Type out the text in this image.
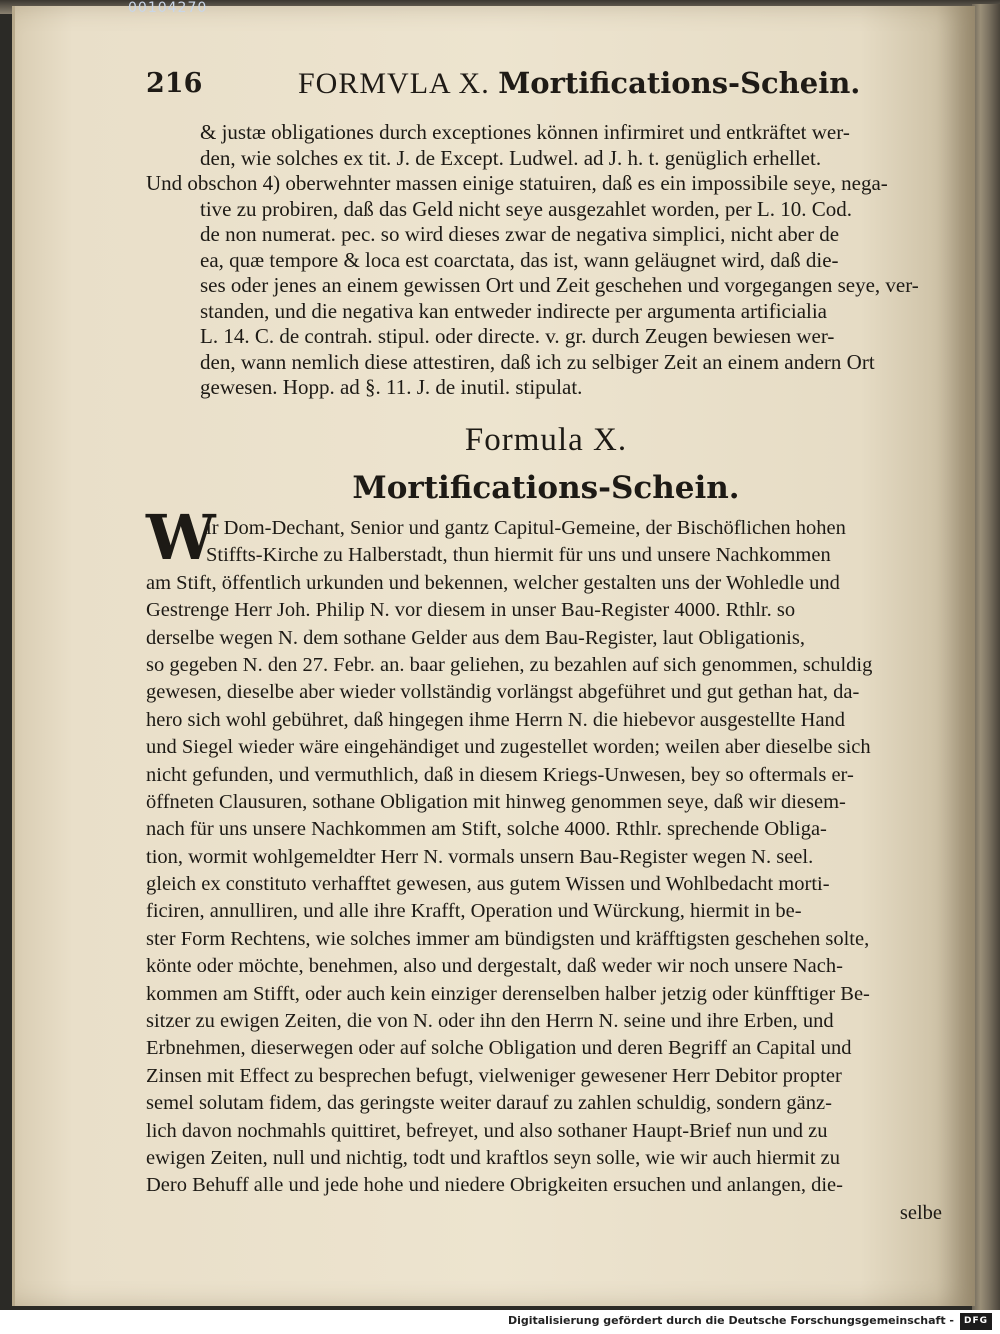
00104270
216	FORMVLA X. Mortifications-Schein.
& justæ obligationes durch exceptiones können infirmiret und entkräftet wer-
den, wie solches ex tit. J. de Except. Ludwel. ad J. h. t. genüglich erhellet.
Und obschon 4) oberwehnter massen einige statuiren, daß es ein impossibile seye, nega-
tive zu probiren, daß das Geld nicht seye ausgezahlet worden, per L. 10. Cod.
de non numerat. pec. so wird dieses zwar de negativa simplici, nicht aber de
ea, quæ tempore & loca est coarctata, das ist, wann geläugnet wird, daß die-
ses oder jenes an einem gewissen Ort und Zeit geschehen und vorgegangen seye, ver-
standen, und die negativa kan entweder indirecte per argumenta artificialia
L. 14. C. de contrah. stipul. oder directe. v. gr. durch Zeugen bewiesen wer-
den, wann nemlich diese attestiren, daß ich zu selbiger Zeit an einem andern Ort
gewesen. Hopp. ad §. 11. J. de inutil. stipulat.
Formula X.
Mortifications-Schein.
W
ir Dom-Dechant, Senior und gantz Capitul-Gemeine, der Bischöflichen hohen
Stiffts-Kirche zu Halberstadt, thun hiermit für uns und unsere Nachkommen
am Stift, öffentlich urkunden und bekennen, welcher gestalten uns der Wohledle und
Gestrenge Herr Joh. Philip N. vor diesem in unser Bau-Register 4000. Rthlr. so
derselbe wegen N. dem sothane Gelder aus dem Bau-Register, laut Obligationis,
so gegeben N. den 27. Febr. an. baar geliehen, zu bezahlen auf sich genommen, schuldig
gewesen, dieselbe aber wieder vollständig vorlängst abgeführet und gut gethan hat, da-
hero sich wohl gebühret, daß hingegen ihme Herrn N. die hiebevor ausgestellte Hand
und Siegel wieder wäre eingehändiget und zugestellet worden; weilen aber dieselbe sich
nicht gefunden, und vermuthlich, daß in diesem Kriegs-Unwesen, bey so oftermals er-
öffneten Clausuren, sothane Obligation mit hinweg genommen seye, daß wir diesem-
nach für uns unsere Nachkommen am Stift, solche 4000. Rthlr. sprechende Obliga-
tion, wormit wohlgemeldter Herr N. vormals unsern Bau-Register wegen N. seel.
gleich ex constituto verhafftet gewesen, aus gutem Wissen und Wohlbedacht morti-
ficiren, annulliren, und alle ihre Krafft, Operation und Würckung, hiermit in be-
ster Form Rechtens, wie solches immer am bündigsten und kräfftigsten geschehen solte,
könte oder möchte, benehmen, also und dergestalt, daß weder wir noch unsere Nach-
kommen am Stifft, oder auch kein einziger derenselben halber jetzig oder künfftiger Be-
sitzer zu ewigen Zeiten, die von N. oder ihn den Herrn N. seine und ihre Erben, und
Erbnehmen, dieserwegen oder auf solche Obligation und deren Begriff an Capital und
Zinsen mit Effect zu besprechen befugt, vielweniger gewesener Herr Debitor propter
semel solutam fidem, das geringste weiter darauf zu zahlen schuldig, sondern gänz-
lich davon nochmahls quittiret, befreyet, und also sothaner Haupt-Brief nun und zu
ewigen Zeiten, null und nichtig, todt und kraftlos seyn solle, wie wir auch hiermit zu
Dero Behuff alle und jede hohe und niedere Obrigkeiten ersuchen und anlangen, die-
selbe
Digitalisierung gefördert durch die Deutsche Forschungsgemeinschaft -	DFG
